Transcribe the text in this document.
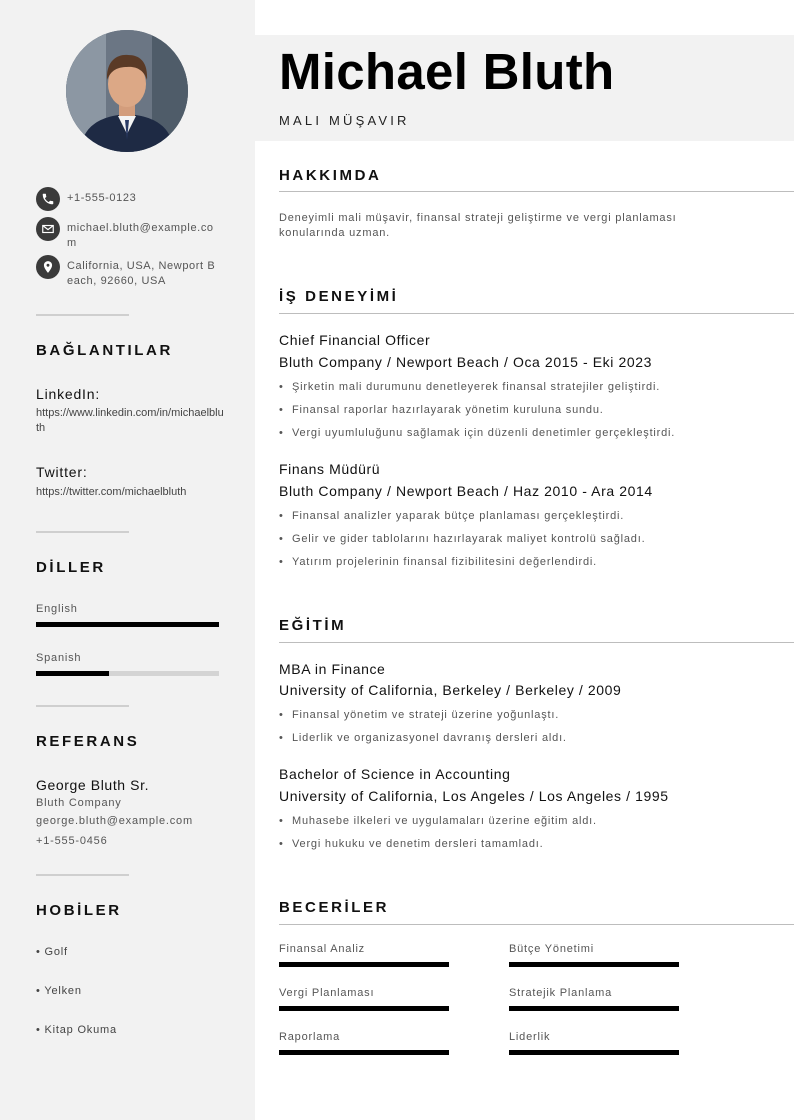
+1-555-0123
michael.bluth@example.com
California, USA, Newport Beach, 92660, USA
BAĞLANTILAR
LinkedIn:
https://www.linkedin.com/in/michaelbluth
Twitter:
https://twitter.com/michaelbluth
DİLLER
English
Spanish
REFERANS
George Bluth Sr.
Bluth Company
george.bluth@example.com
+1-555-0456
HOBİLER
• Golf
• Yelken
• Kitap Okuma
Michael Bluth
MALI MÜŞAVIR
HAKKIMDA
Deneyimli mali müşavir, finansal strateji geliştirme ve vergi planlaması konularında uzman.
İŞ DENEYİMİ
Chief Financial Officer
Bluth Company / Newport Beach / Oca 2015 - Eki 2023
• Şirketin mali durumunu denetleyerek finansal stratejiler geliştirdi.
• Finansal raporlar hazırlayarak yönetim kuruluna sundu.
• Vergi uyumluluğunu sağlamak için düzenli denetimler gerçekleştirdi.
Finans Müdürü
Bluth Company / Newport Beach / Haz 2010 - Ara 2014
• Finansal analizler yaparak bütçe planlaması gerçekleştirdi.
• Gelir ve gider tablolarını hazırlayarak maliyet kontrolü sağladı.
• Yatırım projelerinin finansal fizibilitesini değerlendirdi.
EĞİTİM
MBA in Finance
University of California, Berkeley / Berkeley / 2009
• Finansal yönetim ve strateji üzerine yoğunlaştı.
• Liderlik ve organizasyonel davranış dersleri aldı.
Bachelor of Science in Accounting
University of California, Los Angeles / Los Angeles / 1995
• Muhasebe ilkeleri ve uygulamaları üzerine eğitim aldı.
• Vergi hukuku ve denetim dersleri tamamladı.
BECERİLER
Finansal Analiz	Bütçe Yönetimi
Vergi Planlaması	Stratejik Planlama
Raporlama	Liderlik
